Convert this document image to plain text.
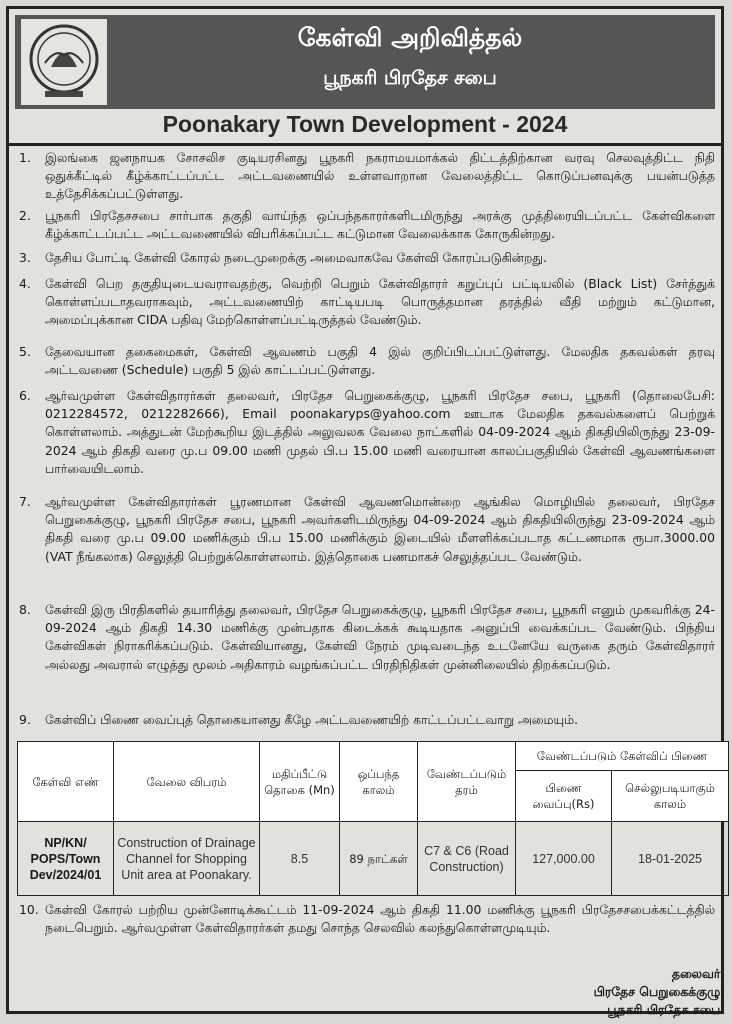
கேள்வி அறிவித்தல்
பூநகரி பிரதேச சபை
Poonakary Town Development - 2024
1.	இலங்கை ஜனநாயக சோசலிச குடியரசினது பூநகரி நகராமயமாக்கல் திட்டத்திற்கான வரவு செலவுத்திட்ட நிதி ஒதுக்கீட்டில் கீழ்க்காட்டப்பட்ட அட்டவணையில் உள்ளவாறான வேலைத்திட்ட கொடுப்பனவுக்கு பயன்படுத்த உத்தேசிக்கப்பட்டுள்ளது.
2.	பூநகரி பிரதேசசபை சார்பாக தகுதி வாய்ந்த ஒப்பந்தகாரர்களிடமிருந்து அரக்கு முத்திரையிடப்பட்ட கேள்விகளை கீழ்க்காட்டப்பட்ட அட்டவணையில் விபரிக்கப்பட்ட கட்டுமான வேலைக்காக கோருகின்றது.
3.	தேசிய போட்டி கேள்வி கோரல் நடைமுறைக்கு அமைவாகவே கேள்வி கோரப்படுகின்றது.
4.	கேள்வி பெற தகுதியுடையவராவதற்கு, வெற்றி பெறும் கேள்விதாரர் கறுப்புப் பட்டியலில் (Black List) சேர்த்துக் கொள்ளப்படாதவராகவும், அட்டவணையிற் காட்டியபடி பொருத்தமான தரத்தில் வீதி மற்றும் கட்டுமான, அமைப்புக்கான CIDA பதிவு மேற்கொள்ளப்பட்டிருத்தல் வேண்டும்.
5.	தேவையான தகைமைகள், கேள்வி ஆவணம் பகுதி 4 இல் குறிப்பிடப்பட்டுள்ளது. மேலதிக தகவல்கள் தரவு அட்டவணை (Schedule) பகுதி 5 இல் காட்டப்பட்டுள்ளது.
6.	ஆர்வமுள்ள கேள்விதாரர்கள் தலைவர், பிரதேச பெறுகைக்குழு, பூநகரி பிரதேச சபை, பூநகரி (தொலைபேசி: 0212284572, 0212282666), Email poonakaryps@yahoo.com ஊடாக மேலதிக தகவல்களைப் பெற்றுக் கொள்ளலாம். அத்துடன் மேற்கூறிய இடத்தில் அலுவலக வேலை நாட்களில் 04-09-2024 ஆம் திகதியிலிருந்து 23-09-2024 ஆம் திகதி வரை மு.ப 09.00 மணி முதல் பி.ப 15.00 மணி வரையான காலப்பகுதியில் கேள்வி ஆவணங்களை பார்வையிடலாம்.
7.	ஆர்வமுள்ள கேள்விதாரர்கள் பூரணமான கேள்வி ஆவணமொன்றை ஆங்கில மொழியில் தலைவர், பிரதேச பெறுகைக்குழு, பூநகரி பிரதேச சபை, பூநகரி அவர்களிடமிருந்து 04-09-2024 ஆம் திகதியிலிருந்து 23-09-2024 ஆம் திகதி வரை மு.ப 09.00 மணிக்கும் பி.ப 15.00 மணிக்கும் இடையில் மீளளிக்கப்படாத கட்டணமாக ரூபா.3000.00 (VAT நீங்கலாக) செலுத்தி பெற்றுக்கொள்ளலாம். இத்தொகை பணமாகச் செலுத்தப்பட வேண்டும்.
8.	கேள்வி இரு பிரதிகளில் தயாரித்து தலைவர், பிரதேச பெறுகைக்குழு, பூநகரி பிரதேச சபை, பூநகரி எனும் முகவரிக்கு 24-09-2024 ஆம் திகதி 14.30 மணிக்கு முன்பதாக கிடைக்கக் கூடியதாக அனுப்பி வைக்கப்பட வேண்டும். பிந்திய கேள்விகள் நிராகரிக்கப்படும். கேள்வியானது, கேள்வி நேரம் முடிவடைந்த உடனேயே வருகை தரும் கேள்விதாரர் அல்லது அவரால் எழுத்து மூலம் அதிகாரம் வழங்கப்பட்ட பிரதிநிதிகள் முன்னிலையில் திறக்கப்படும்.
9.	கேள்விப் பிணை வைப்புத் தொகையானது கீழே அட்டவணையிற் காட்டப்பட்டவாறு அமையும்.
கேள்வி எண்	வேலை விபரம்	மதிப்பீட்டு தொகை (Mn)	ஒப்பந்த காலம்	வேண்டப்படும் தரம்	வேண்டப்படும் கேள்விப் பிணை	
					பிணை வைப்பு(Rs)	செல்லுபடியாகும் காலம்
NP/KN/ POPS/Town Dev/2024/01	Construction of Drainage Channel for Shopping Unit area at Poonakary.	8.5	89 நாட்கள்	C7 & C6 (Road Construction)	127,000.00	18-01-2025
10. கேள்வி கோரல் பற்றிய முன்னோடிக்கூட்டம் 11-09-2024 ஆம் திகதி 11.00 மணிக்கு பூநகரி பிரதேசசபைக்கட்டத்தில் நடைபெறும். ஆர்வமுள்ள கேள்விதாரர்கள் தமது சொந்த செலவில் கலந்துகொள்ளமுடியும்.
தலைவர்,
பிரதேச பெறுகைக்குழு,
பூநகரி பிரதேச சபை.
